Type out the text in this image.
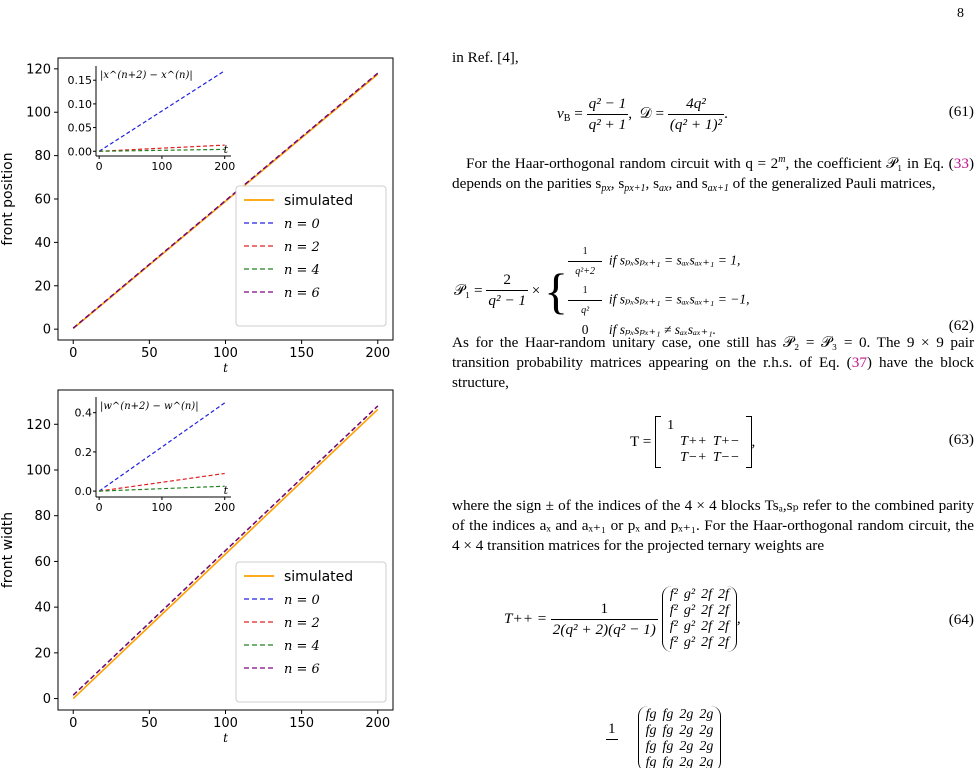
8
0	50	100	150	200
0
20
40
60
80
100
120
t
front position	0	100	200
0.00
0.05
0.10
0.15 |x^(n+2) − x^(n)|
t
simulated
n = 0
n = 2
n = 4
n = 6
0	50	100	150	200
0
20
40
60
80
100
120
t
front width
0	100	200
0.0
0.2
0.4
|w^(n+2) − w^(n)|
t
simulated
n = 0
n = 2
n = 4
n = 6
in Ref. [4],
$v_B = \frac{\text{q² − 1}}{\text{q² + 1}}$ ,  𝒟 = $\frac{\text{4q²}}{\text{(q² + 1)²}}$ .	(61)
For the Haar-orthogonal random circuit with $q = 2^m$, the coefficient 𝒫₁ in Eq. (33) depends on the parities $s_{px}$, $s_{px+1}$, $s_{ax}$, and $s_{ax+1}$ of the generalized Pauli matrices,
𝒫₁ =
$\frac{2}{\text{q² − 1}}$
×
{
$\frac{1}{\text{q²+2}}$ if sₚₓsₚₓ₊₁ = sₐₓsₐₓ₊₁ = 1,
$\frac{1}{\text{q²}}$ if sₚₓsₚₓ₊₁ = sₐₓsₐₓ₊₁ = −1,
0 if sₚₓsₚₓ₊₁ ≠ sₐₓsₐₓ₊₁.	(62)
As for the Haar-random unitary case, one still has 𝒫₂ = 𝒫₃ = 0. The 9 × 9 pair transition probability matrices appearing on the r.h.s. of Eq. (37) have the block structure,
T =

1		
	T++	T+−
	T−+	T−−
,	(63)
where the sign ± of the indices of the 4 × 4 blocks Tsₐ,sₚ refer to the combined parity of the indices aₓ and aₓ₊₁ or pₓ and pₓ₊₁. For the Haar-orthogonal random circuit, the 4 × 4 transition matrices for the projected ternary weights are
T++ =
$\frac{1}{\text{2(q² + 2)(q² − 1)}}$
f²	g²	2f	2f
f²	g²	2f	2f
f²	g²	2f	2f
f²	g²	2f	2f
,	(64)
1

fg	fg	2g	2g
fg	fg	2g	2g
fg	fg	2g	2g
fg	fg	2g	2g
